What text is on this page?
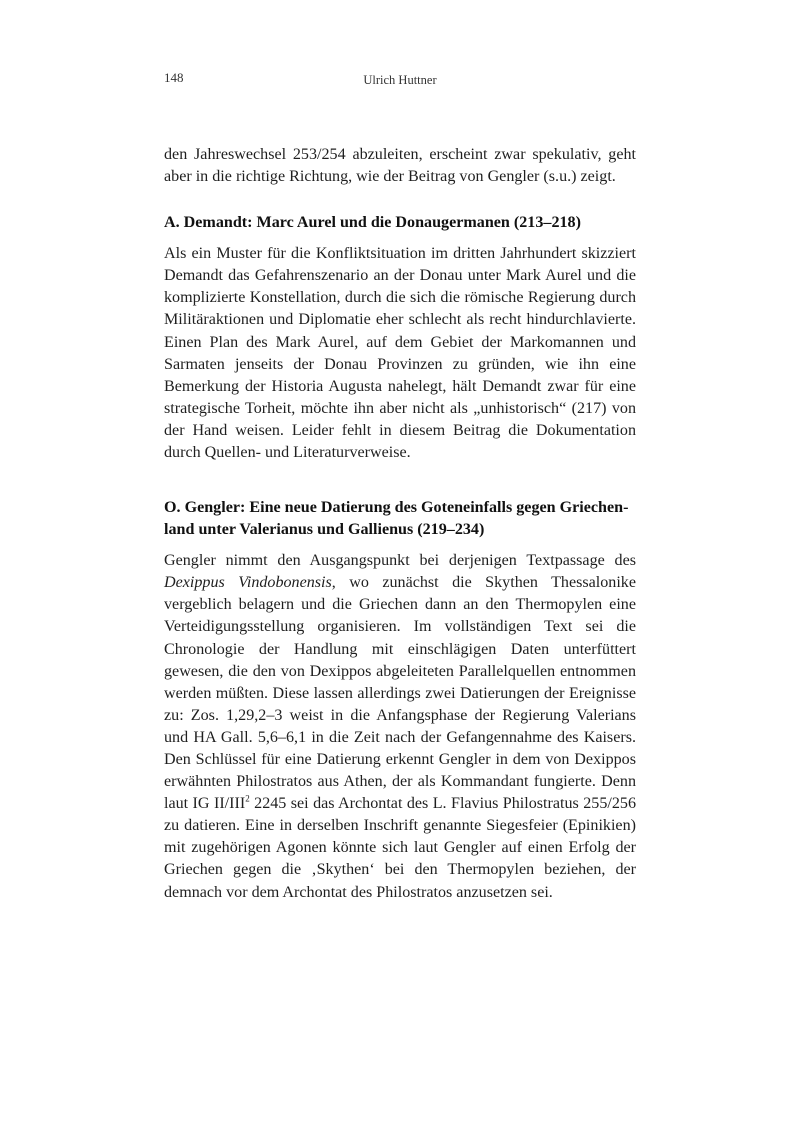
148	Ulrich Huttner

den Jahreswechsel 253/254 abzuleiten, erscheint zwar spekulativ, geht aber in die richtige Richtung, wie der Beitrag von Gengler (s.u.) zeigt.

A. Demandt: Marc Aurel und die Donaugermanen (213–218)

Als ein Muster für die Konfliktsituation im dritten Jahrhundert skizziert Demandt das Gefahrenszenario an der Donau unter Mark Aurel und die komplizierte Konstellation, durch die sich die römische Regierung durch Militäraktionen und Diplomatie eher schlecht als recht hindurchlavierte. Einen Plan des Mark Aurel, auf dem Gebiet der Markomannen und Sarmaten jenseits der Donau Provinzen zu gründen, wie ihn eine Bemerkung der Historia Augusta nahelegt, hält Demandt zwar für eine strategische Torheit, möchte ihn aber nicht als „unhistorisch“ (217) von der Hand weisen. Leider fehlt in diesem Beitrag die Dokumentation durch Quellen- und Literaturverweise.

O. Gengler: Eine neue Datierung des Goteneinfalls gegen Griechenland unter Valerianus und Gallienus (219–234)

Gengler nimmt den Ausgangspunkt bei derjenigen Textpassage des Dexippus Vindobonensis, wo zunächst die Skythen Thessalonike vergeblich belagern und die Griechen dann an den Thermopylen eine Verteidigungsstellung organisieren. Im vollständigen Text sei die Chronologie der Handlung mit einschlägigen Daten unterfüttert gewesen, die den von Dexippos abgeleiteten Parallelquellen entnommen werden müßten. Diese lassen allerdings zwei Datierungen der Ereignisse zu: Zos. 1,29,2–3 weist in die Anfangsphase der Regierung Valerians und HA Gall. 5,6–6,1 in die Zeit nach der Gefangennahme des Kaisers. Den Schlüssel für eine Datierung erkennt Gengler in dem von Dexippos erwähnten Philostratos aus Athen, der als Kommandant fungierte. Denn laut IG II/III$^2$ 2245 sei das Archontat des L. Flavius Philostratus 255/256 zu datieren. Eine in derselben Inschrift genannte Siegesfeier (Epinikien) mit zugehörigen Agonen könnte sich laut Gengler auf einen Erfolg der Griechen gegen die ‚Skythen‘ bei den Thermopylen beziehen, der demnach vor dem Archontat des Philostratos anzusetzen sei.
